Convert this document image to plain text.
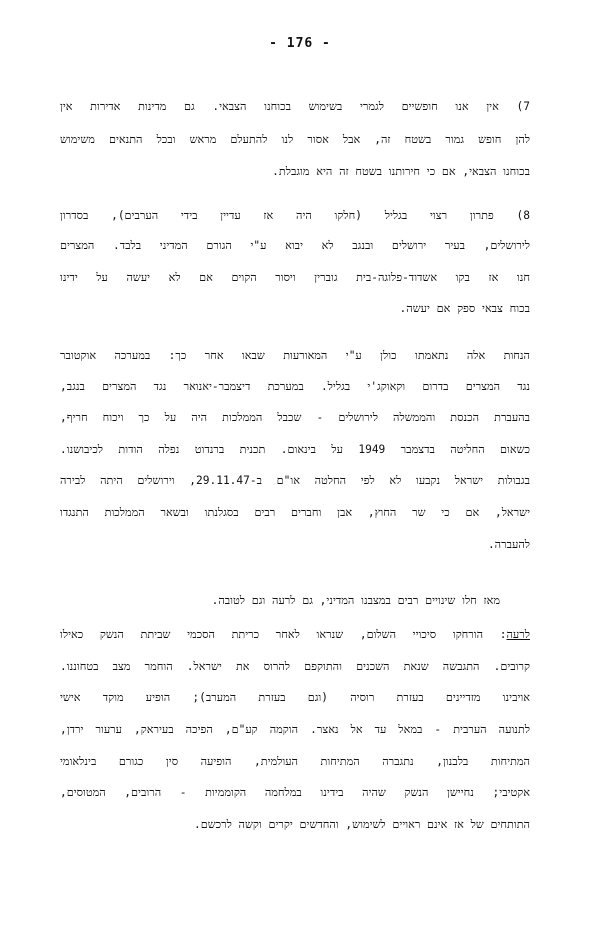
- 176 -
7) אין אנו חופשיים לגמרי בשימוש בכוחנו הצבאי. גם מדינות אדירות אין
להן חופש גמור בשטח זה, אבל אסור לנו להתעלם מראש ובכל התנאים משימוש
בכוחנו הצבאי, אם כי חירותנו בשטח זה היא מוגבלת.
8) פתרון רצוי בגליל (חלקו היה אז עדיין בידי הערבים), בסדרון
לירושלים, בעיר ירושלים ובנגב לא יבוא ע"י הגורם המדיני בלבד. המצרים
חנו אז בקו אשדוד-פלוגה-בית גוברין ויסור הקוים אם לא יעשה על ידינו
בכוח צבאי ספק אם יעשה.
הנחות אלה נתאמתו כולן ע"י המאורעות שבאו אחר כך: במערכה אוקטובר
נגד המצרים בדרום וקאוקג'י בגליל. במערכת דיצמבר-יאנואר נגד המצרים בנגב,
בהעברת הכנסת והממשלה לירושלים - שכבל הממלכות היה על כך ויכוח חריף,
כשאום החליטה בדצמבר 1949 על בינאום. תכנית ברנדוט נפלה הודות לכיבושנו.
בגבולות ישראל נקבעו לא לפי החלטה או"ם ב-29.11.47, וירושלים היתה לבירה
ישראל, אם כי שר החוץ, אבן וחברים רבים בסגלנתו ובשאר הממלכות התנגדו
להעברה.
מאז חלו שינויים רבים במצבנו המדיני, גם לרעה וגם לטובה.
לרעה: הורחקו סיכויי השלום, שנראו לאחר כריתת הסכמי שביתת הנשק כאילו
קרובים. התגבשה שנאת השכנים והתוקפם להרוס את ישראל. הוחמר מצב בטחוננו.
אויבינו מזדיינים בעזרת רוסיה (וגם בעזרת המערב); הופיע מוקד אישי
לתנועה הערבית - במאל עד אל נאצר. הוקמה קע"ם, הפיכה בעיראק, ערעור ירדן,
המתיחות בלבנון, נתגברה המתיחות העולמית, הופיעה סין כגורם בינלאומי
אקטיבי; נחיישן הנשק שהיה בידינו במלחמה הקוממיות - הרובים, המטוסים,
התותחים של אז אינם ראויים לשימוש, והחדשים יקרים וקשה לרכשם.
